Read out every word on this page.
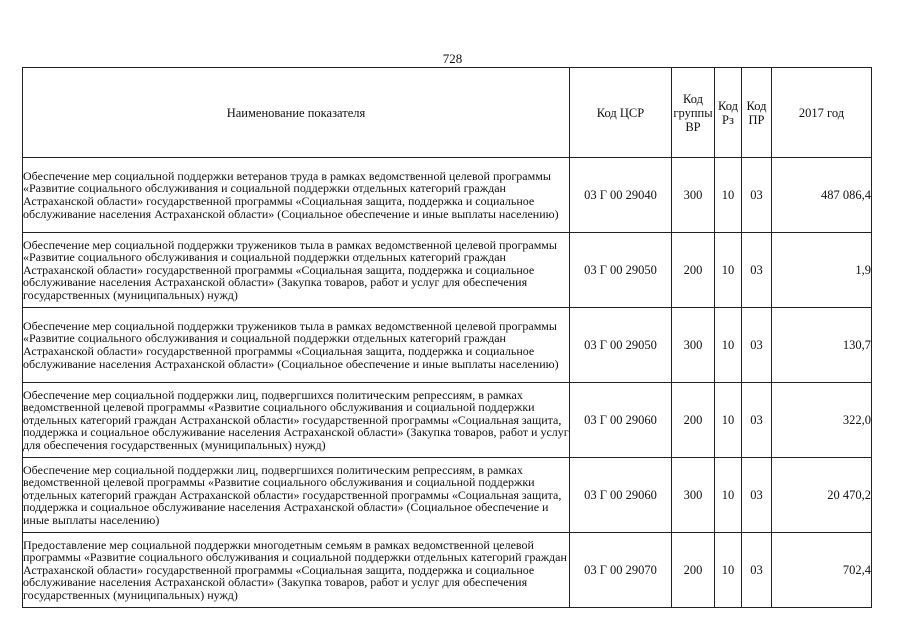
728
Наименование показателя	Код ЦСР	Код группы ВР	Код Рз	Код ПР	2017 год
Обеспечение мер социальной поддержки ветеранов труда в рамках ведомственной целевой программы «Развитие социального обслуживания и социальной поддержки отдельных категорий граждан Астраханской области» государственной программы «Социальная защита, поддержка и социальное обслуживание населения Астраханской области» (Социальное обеспечение и иные выплаты населению)	03 Г 00 29040	300	10	03	487 086,4
Обеспечение мер социальной поддержки тружеников тыла в рамках ведомственной целевой программы «Развитие социального обслуживания и социальной поддержки отдельных категорий граждан Астраханской области» государственной программы «Социальная защита, поддержка и социальное обслуживание населения Астраханской области» (Закупка товаров, работ и услуг для обеспечения государственных (муниципальных) нужд)	03 Г 00 29050	200	10	03	1,9
Обеспечение мер социальной поддержки тружеников тыла в рамках ведомственной целевой программы «Развитие социального обслуживания и социальной поддержки отдельных категорий граждан Астраханской области» государственной программы «Социальная защита, поддержка и социальное обслуживание населения Астраханской области» (Социальное обеспечение и иные выплаты населению)	03 Г 00 29050	300	10	03	130,7
Обеспечение мер социальной поддержки лиц, подвергшихся политическим репрессиям, в рамках ведомственной целевой программы «Развитие социального обслуживания и социальной поддержки отдельных категорий граждан Астраханской области» государственной программы «Социальная защита, поддержка и социальное обслуживание населения Астраханской области» (Закупка товаров, работ и услуг для обеспечения государственных (муниципальных) нужд)	03 Г 00 29060	200	10	03	322,0
Обеспечение мер социальной поддержки лиц, подвергшихся политическим репрессиям, в рамках ведомственной целевой программы «Развитие социального обслуживания и социальной поддержки отдельных категорий граждан Астраханской области» государственной программы «Социальная защита, поддержка и социальное обслуживание населения Астраханской области» (Социальное обеспечение и иные выплаты населению)	03 Г 00 29060	300	10	03	20 470,2
Предоставление мер социальной поддержки многодетным семьям в рамках ведомственной целевой программы «Развитие социального обслуживания и социальной поддержки отдельных категорий граждан Астраханской области» государственной программы «Социальная защита, поддержка и социальное обслуживание населения Астраханской области» (Закупка товаров, работ и услуг для обеспечения государственных (муниципальных) нужд)	03 Г 00 29070	200	10	03	702,4
